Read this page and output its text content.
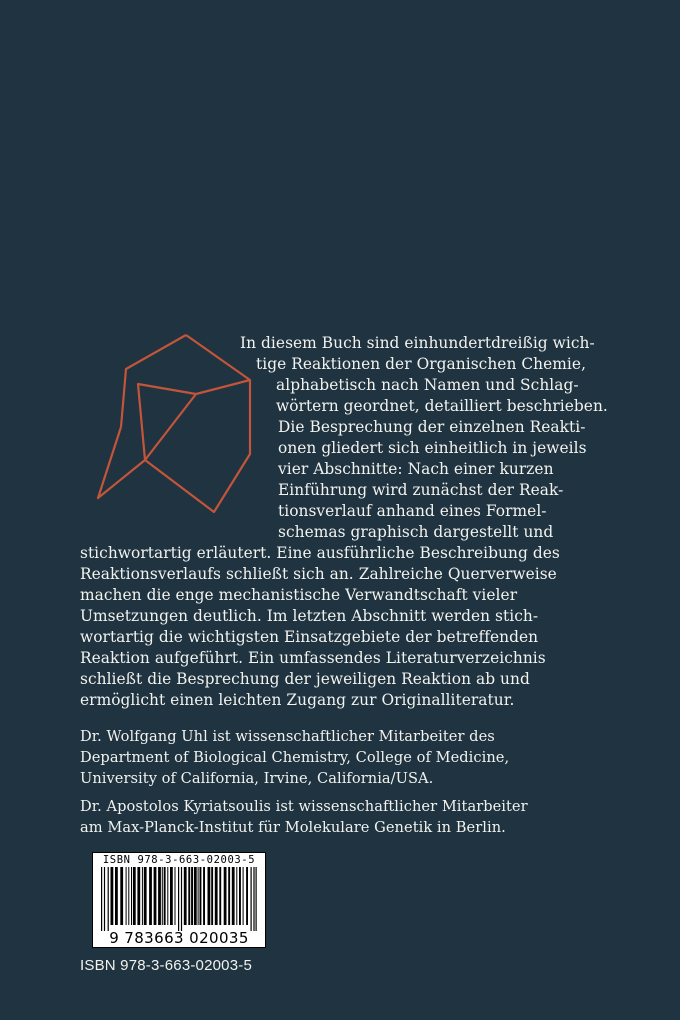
In diesem Buch sind einhundertdreißig wich-

tige Reaktionen der Organischen Chemie,

alphabetisch nach Namen und Schlag-

wörtern geordnet, detailliert beschrieben.

Die Besprechung der einzelnen Reakti-

onen gliedert sich einheitlich in jeweils

vier Abschnitte: Nach einer kurzen

Einführung wird zunächst der Reak-

tionsverlauf anhand eines Formel-

schemas graphisch dargestellt und

stichwortartig erläutert. Eine ausführliche Beschreibung des

Reaktionsverlaufs schließt sich an. Zahlreiche Querverweise

machen die enge mechanistische Verwandtschaft vieler

Umsetzungen deutlich. Im letzten Abschnitt werden stich-

wortartig die wichtigsten Einsatzgebiete der betreffenden

Reaktion aufgeführt. Ein umfassendes Literaturverzeichnis

schließt die Besprechung der jeweiligen Reaktion ab und

ermöglicht einen leichten Zugang zur Originalliteratur.

Dr. Wolfgang Uhl ist wissenschaftlicher Mitarbeiter des

Department of Biological Chemistry, College of Medicine,

University of California, Irvine, California/USA.

Dr. Apostolos Kyriatsoulis ist wissenschaftlicher Mitarbeiter

am Max-Planck-Institut für Molekulare Genetik in Berlin.

ISBN 978-3-663-02003-5
9 783663 020035

ISBN 978-3-663-02003-5
